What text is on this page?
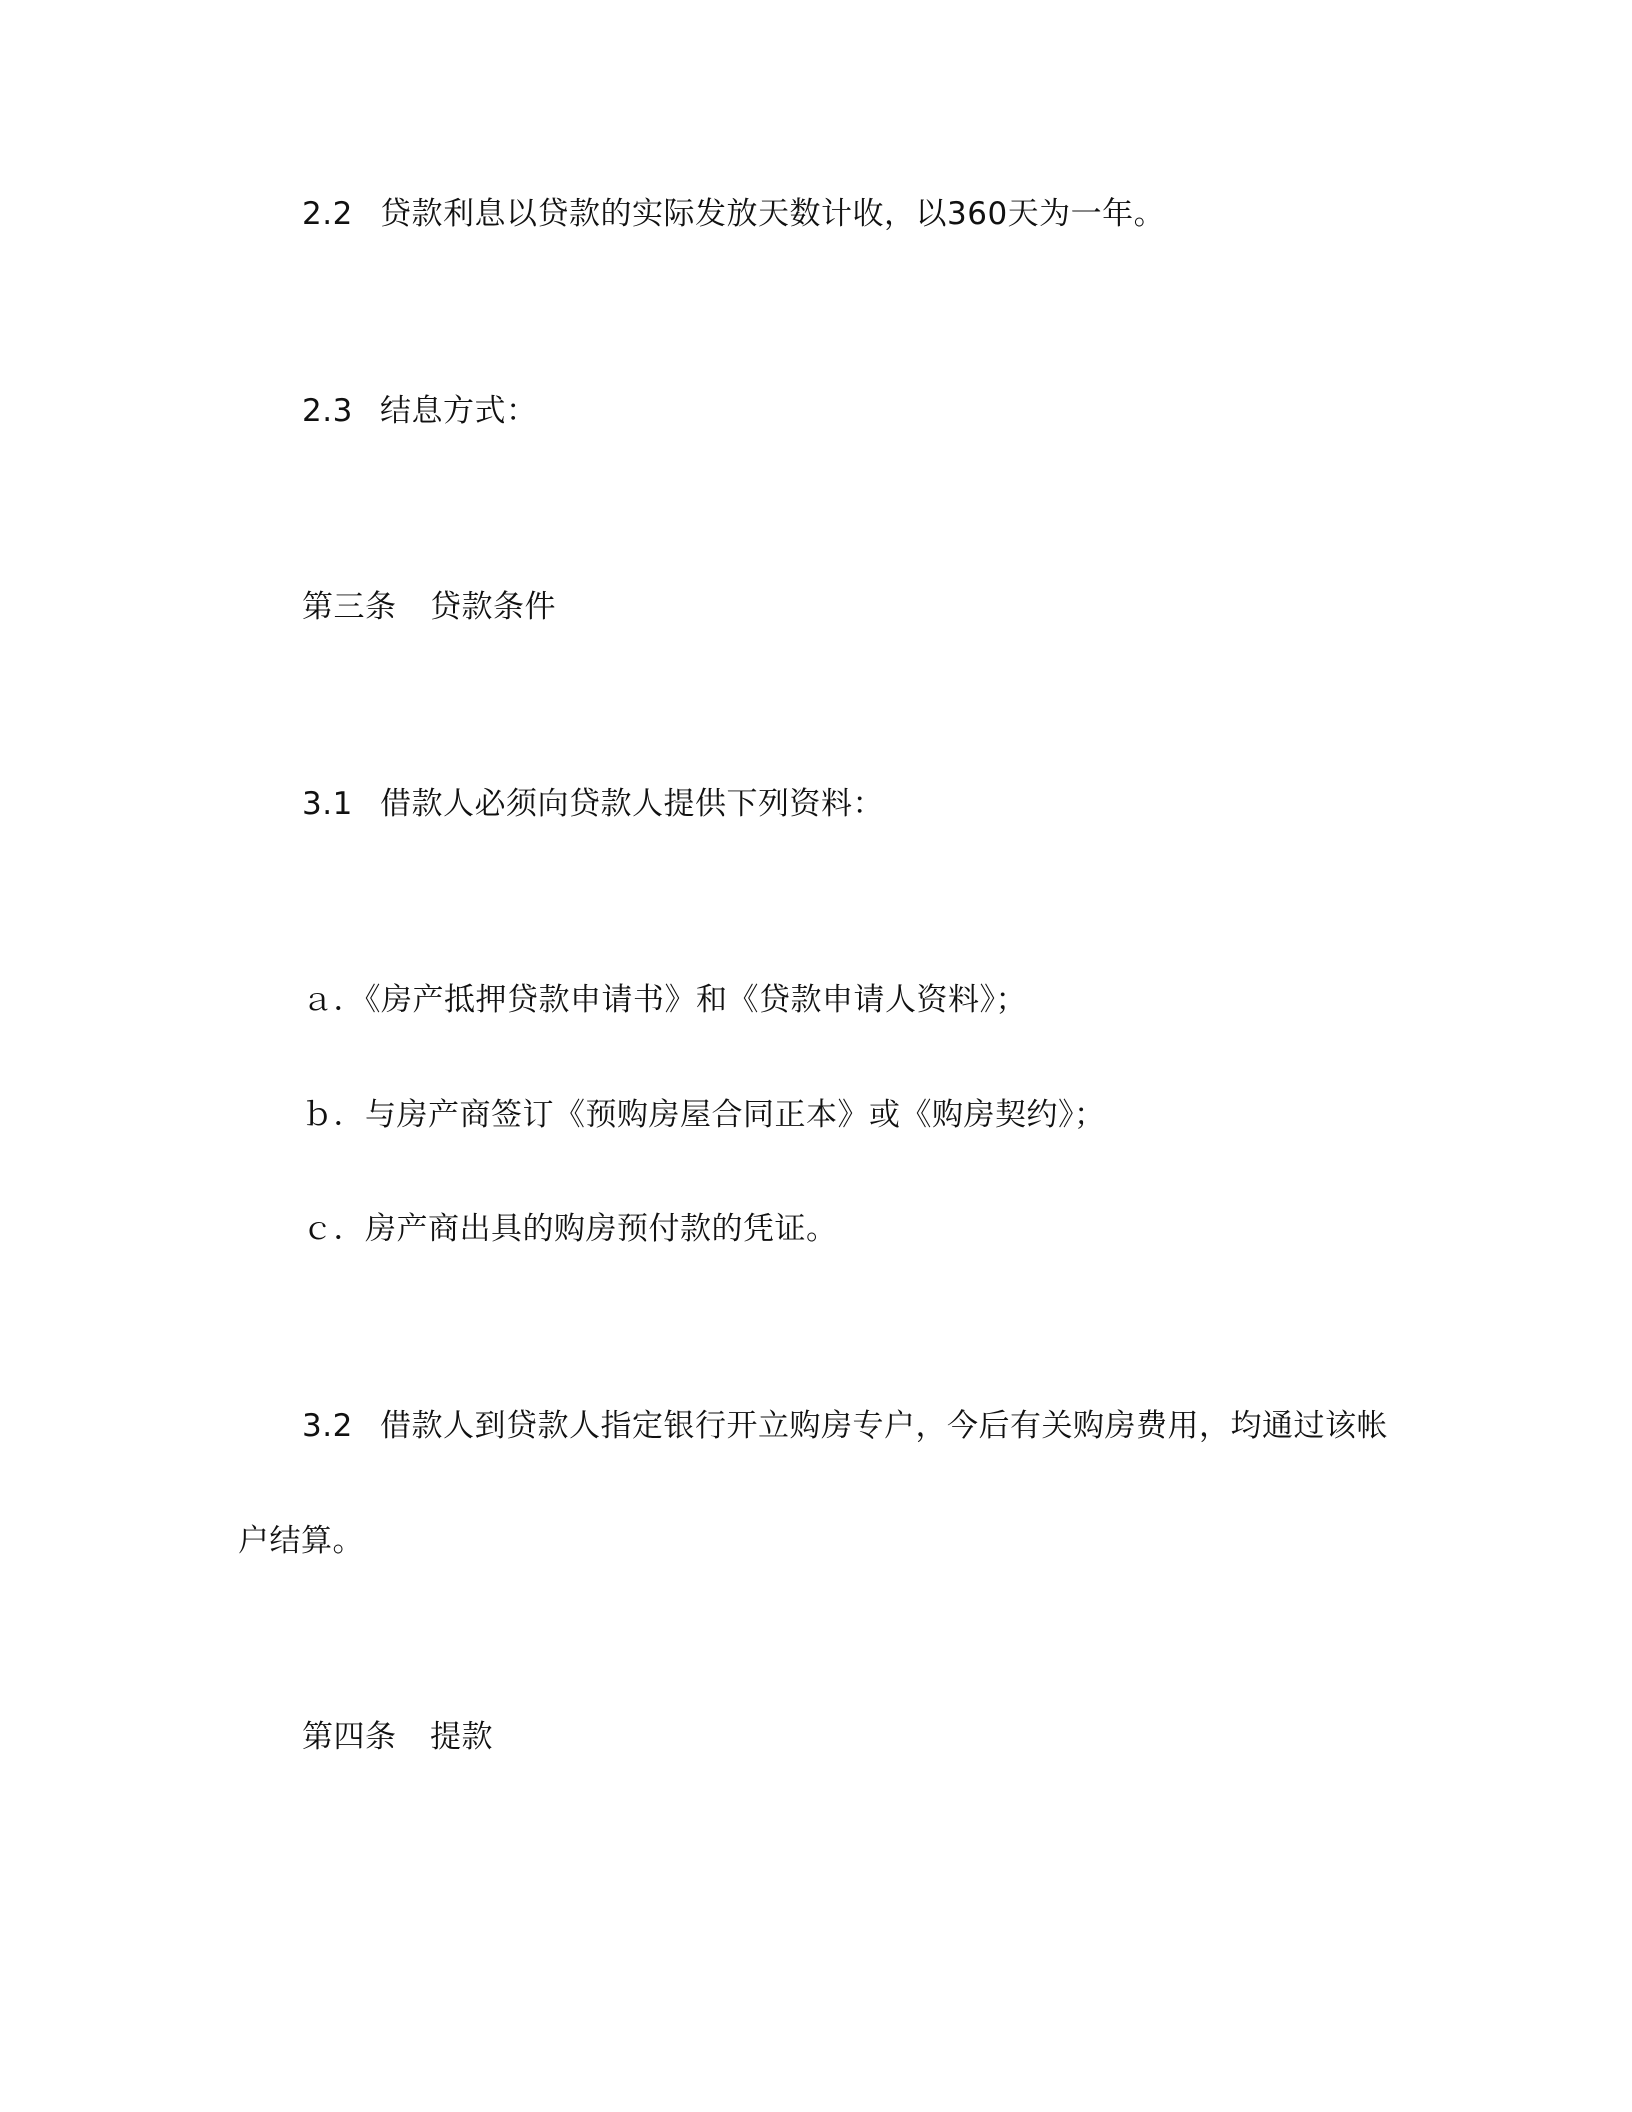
2.2 贷款利息以贷款的实际发放天数计收，以360天为一年。
2.3 结息方式：
第三条 贷款条件
3.1 借款人必须向贷款人提供下列资料：
ａ．《房产抵押贷款申请书》和《贷款申请人资料》；
ｂ．与房产商签订《预购房屋合同正本》或《购房契约》；
ｃ．房产商出具的购房预付款的凭证。
3.2 借款人到贷款人指定银行开立购房专户，今后有关购房费用，均通过该帐
户结算。
第四条 提款
